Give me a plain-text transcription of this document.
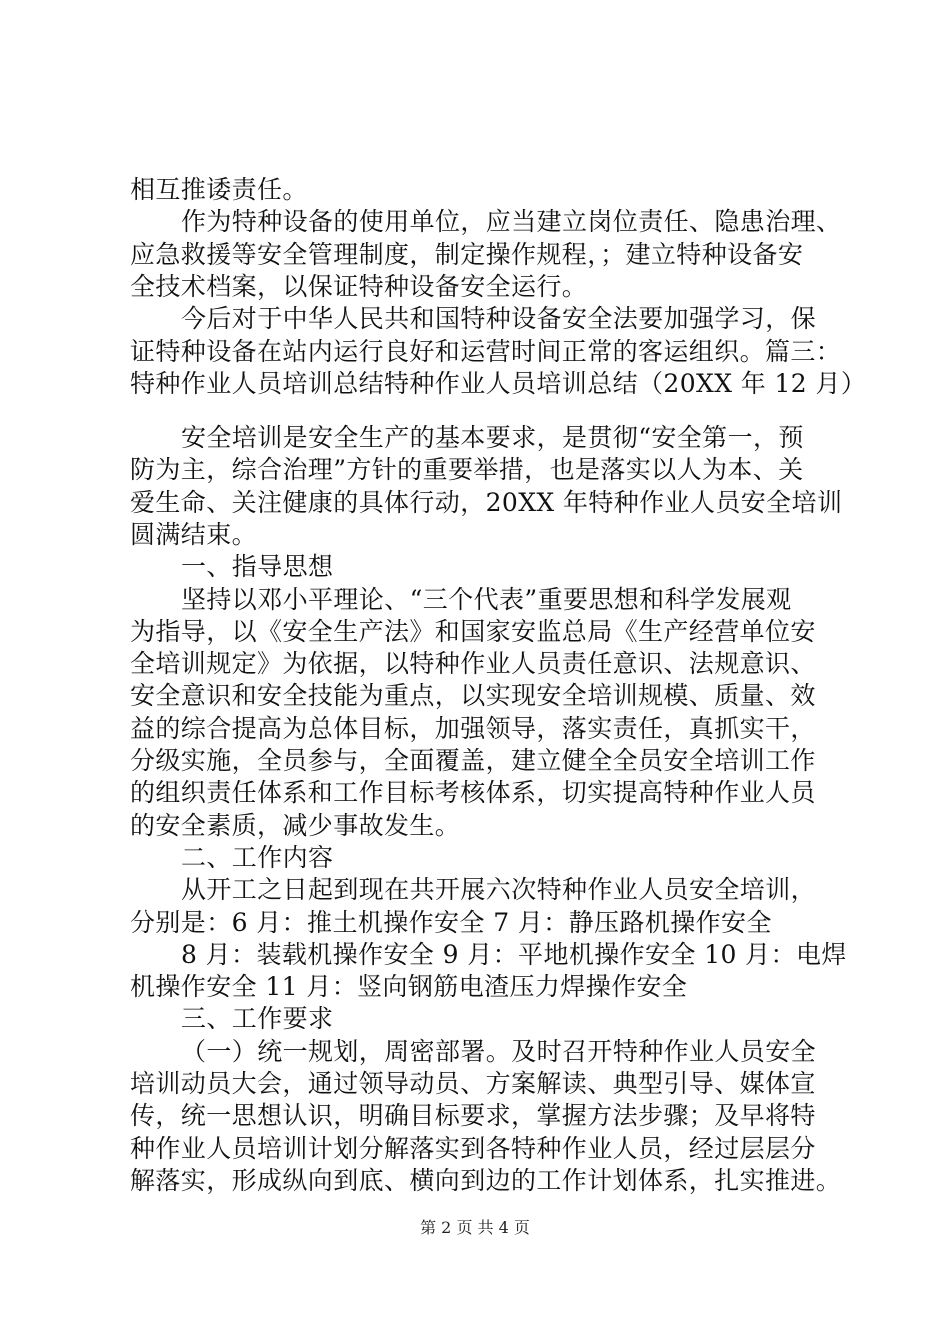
第 2 页 共 4 页
相互推诿责任。
作为特种设备的使用单位，应当建立岗位责任、隐患治理、
应急救援等安全管理制度，制定操作规程，；建立特种设备安
全技术档案，以保证特种设备安全运行。
今后对于中华人民共和国特种设备安全法要加强学习，保
证特种设备在站内运行良好和运营时间正常的客运组织。篇三：
特种作业人员培训总结特种作业人员培训总结（20XX 年 12 月）
安全培训是安全生产的基本要求，是贯彻“安全第一，预
防为主，综合治理”方针的重要举措，也是落实以人为本、关
爱生命、关注健康的具体行动，20XX 年特种作业人员安全培训
圆满结束。
一、指导思想
坚持以邓小平理论、“三个代表”重要思想和科学发展观
为指导，以《安全生产法》和国家安监总局《生产经营单位安
全培训规定》为依据，以特种作业人员责任意识、法规意识、
安全意识和安全技能为重点，以实现安全培训规模、质量、效
益的综合提高为总体目标，加强领导，落实责任，真抓实干，
分级实施，全员参与，全面覆盖，建立健全全员安全培训工作
的组织责任体系和工作目标考核体系，切实提高特种作业人员
的安全素质，减少事故发生。
二、工作内容
从开工之日起到现在共开展六次特种作业人员安全培训，
分别是：6 月：推土机操作安全 7 月：静压路机操作安全
8 月：装载机操作安全 9 月：平地机操作安全 10 月：电焊
机操作安全 11 月：竖向钢筋电渣压力焊操作安全
三、工作要求
（一）统一规划，周密部署。及时召开特种作业人员安全
培训动员大会，通过领导动员、方案解读、典型引导、媒体宣
传，统一思想认识，明确目标要求，掌握方法步骤；及早将特
种作业人员培训计划分解落实到各特种作业人员，经过层层分
解落实，形成纵向到底、横向到边的工作计划体系，扎实推进。
